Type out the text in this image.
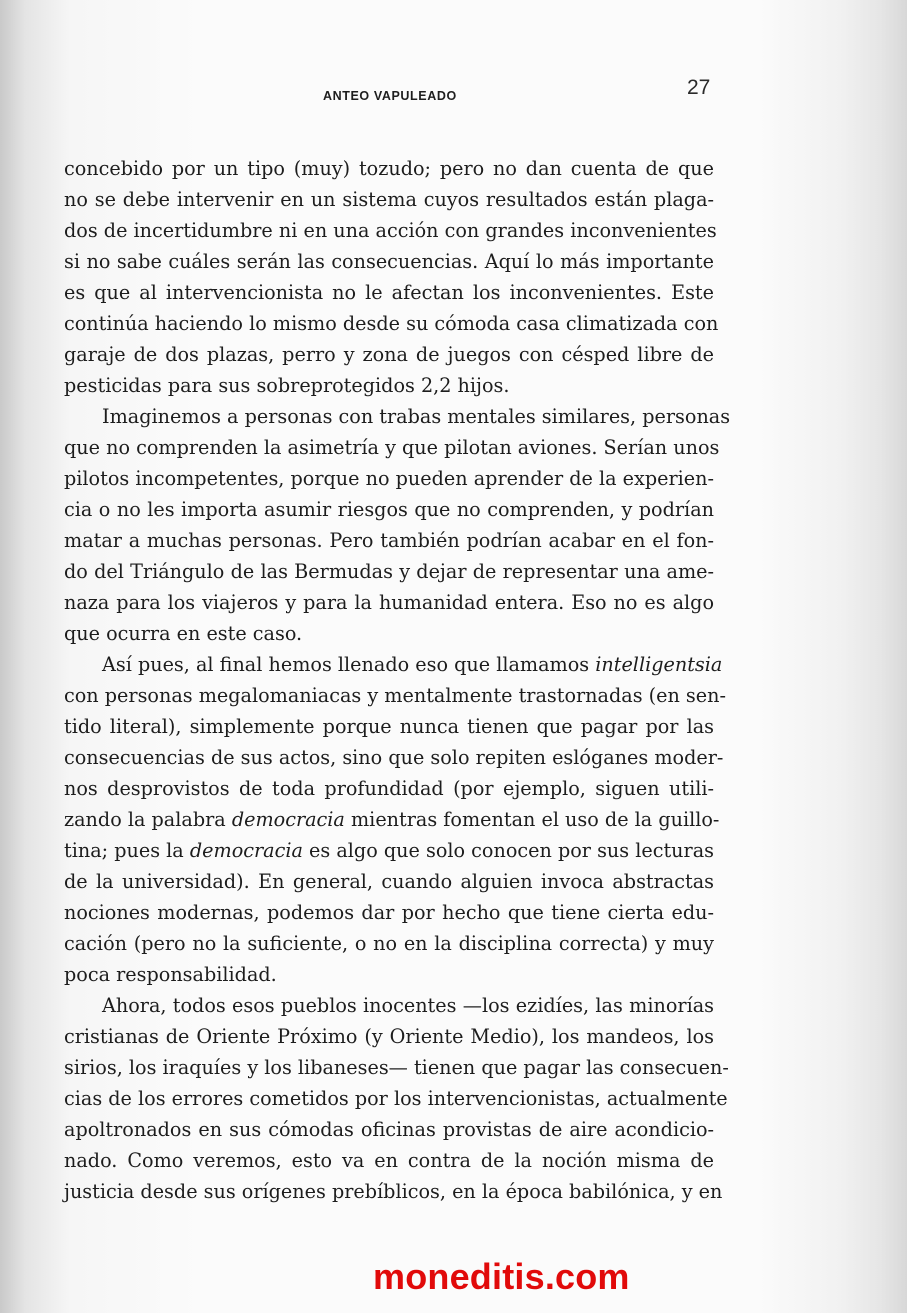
ANTEO VAPULEADO	27
concebido por un tipo (muy) tozudo; pero no dan cuenta de que
no se debe intervenir en un sistema cuyos resultados están plaga-
dos de incertidumbre ni en una acción con grandes inconvenientes
si no sabe cuáles serán las consecuencias. Aquí lo más importante
es que al intervencionista no le afectan los inconvenientes. Este
continúa haciendo lo mismo desde su cómoda casa climatizada con
garaje de dos plazas, perro y zona de juegos con césped libre de
pesticidas para sus sobreprotegidos 2,2 hijos.
Imaginemos a personas con trabas mentales similares, personas
que no comprenden la asimetría y que pilotan aviones. Serían unos
pilotos incompetentes, porque no pueden aprender de la experien-
cia o no les importa asumir riesgos que no comprenden, y podrían
matar a muchas personas. Pero también podrían acabar en el fon-
do del Triángulo de las Bermudas y dejar de representar una ame-
naza para los viajeros y para la humanidad entera. Eso no es algo
que ocurra en este caso.
Así pues, al final hemos llenado eso que llamamos intelligentsia
con personas megalomaniacas y mentalmente trastornadas (en sen-
tido literal), simplemente porque nunca tienen que pagar por las
consecuencias de sus actos, sino que solo repiten eslóganes moder-
nos desprovistos de toda profundidad (por ejemplo, siguen utili-
zando la palabra democracia mientras fomentan el uso de la guillo-
tina; pues la democracia es algo que solo conocen por sus lecturas
de la universidad). En general, cuando alguien invoca abstractas
nociones modernas, podemos dar por hecho que tiene cierta edu-
cación (pero no la suficiente, o no en la disciplina correcta) y muy
poca responsabilidad.
Ahora, todos esos pueblos inocentes —los ezidíes, las minorías
cristianas de Oriente Próximo (y Oriente Medio), los mandeos, los
sirios, los iraquíes y los libaneses— tienen que pagar las consecuen-
cias de los errores cometidos por los intervencionistas, actualmente
apoltronados en sus cómodas oficinas provistas de aire acondicio-
nado. Como veremos, esto va en contra de la noción misma de
justicia desde sus orígenes prebíblicos, en la época babilónica, y en
moneditis.com
